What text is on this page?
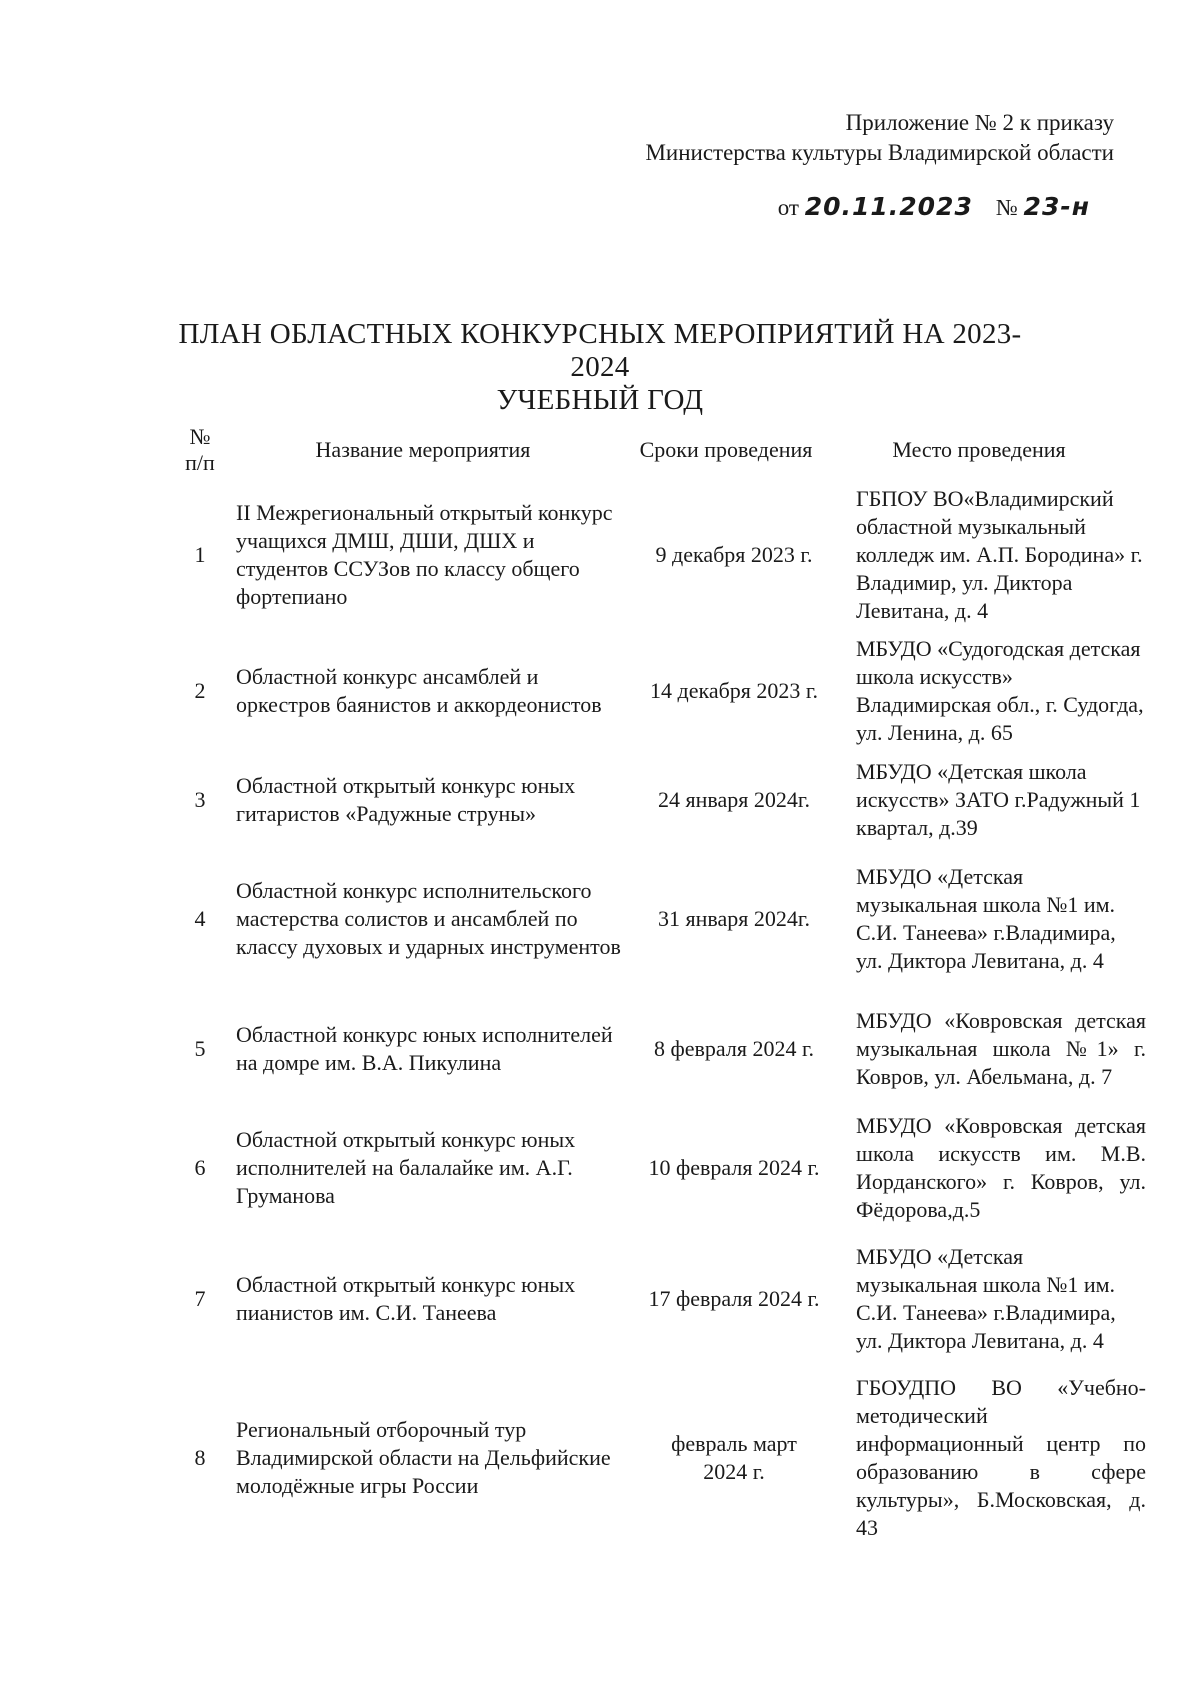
Приложение № 2 к приказу
Министерства культуры Владимирской области
от 20.11.2023 № 23-н
ПЛАН ОБЛАСТНЫХ КОНКУРСНЫХ МЕРОПРИЯТИЙ НА 2023-2024
УЧЕБНЫЙ ГОД
№ п/п
Название мероприятия	Сроки проведения	Место проведения
1
II Межрегиональный открытый конкурс учащихся ДМШ, ДШИ, ДШХ и студентов ССУЗов по классу общего фортепиано
9 декабря 2023 г.
ГБПОУ ВО«Владимирский областной музыкальный колледж им. А.П. Бородина» г. Владимир, ул. Диктора Левитана, д. 4
2
Областной конкурс ансамблей и оркестров баянистов и аккордеонистов
14 декабря 2023 г.
МБУДО «Судогодская детская школа искусств» Владимирская обл., г. Судогда, ул. Ленина, д. 65
3
Областной открытый конкурс юных гитаристов «Радужные струны»
24 января 2024г.
МБУДО «Детская школа искусств» ЗАТО г.Радужный 1 квартал, д.39
4
Областной конкурс исполнительского мастерства солистов и ансамблей по классу духовых и ударных инструментов
31 января 2024г.
МБУДО «Детская музыкальная школа №1 им. С.И. Танеева» г.Владимира, ул. Диктора Левитана, д. 4
5
Областной конкурс юных исполнителей на домре им. В.А. Пикулина
8 февраля 2024 г.
МБУДО «Ковровская детская музыкальная школа №1» г. Ковров, ул. Абельмана, д. 7
6
Областной открытый конкурс юных исполнителей на балалайке им. А.Г. Груманова
10 февраля 2024 г.
МБУДО «Ковровская детская школа искусств им. М.В. Иорданского» г. Ковров, ул. Фёдорова,д.5
7
Областной открытый конкурс юных пианистов им. С.И. Танеева
17 февраля 2024 г.
МБУДО «Детская музыкальная школа №1 им. С.И. Танеева» г.Владимира, ул. Диктора Левитана, д. 4
8
Региональный отборочный тур Владимирской области на Дельфийские молодёжные игры России
февраль март 2024 г.
ГБОУДПО ВО «Учебно-методический информационный центр по образованию в сфере культуры», Б.Московская, д. 43
